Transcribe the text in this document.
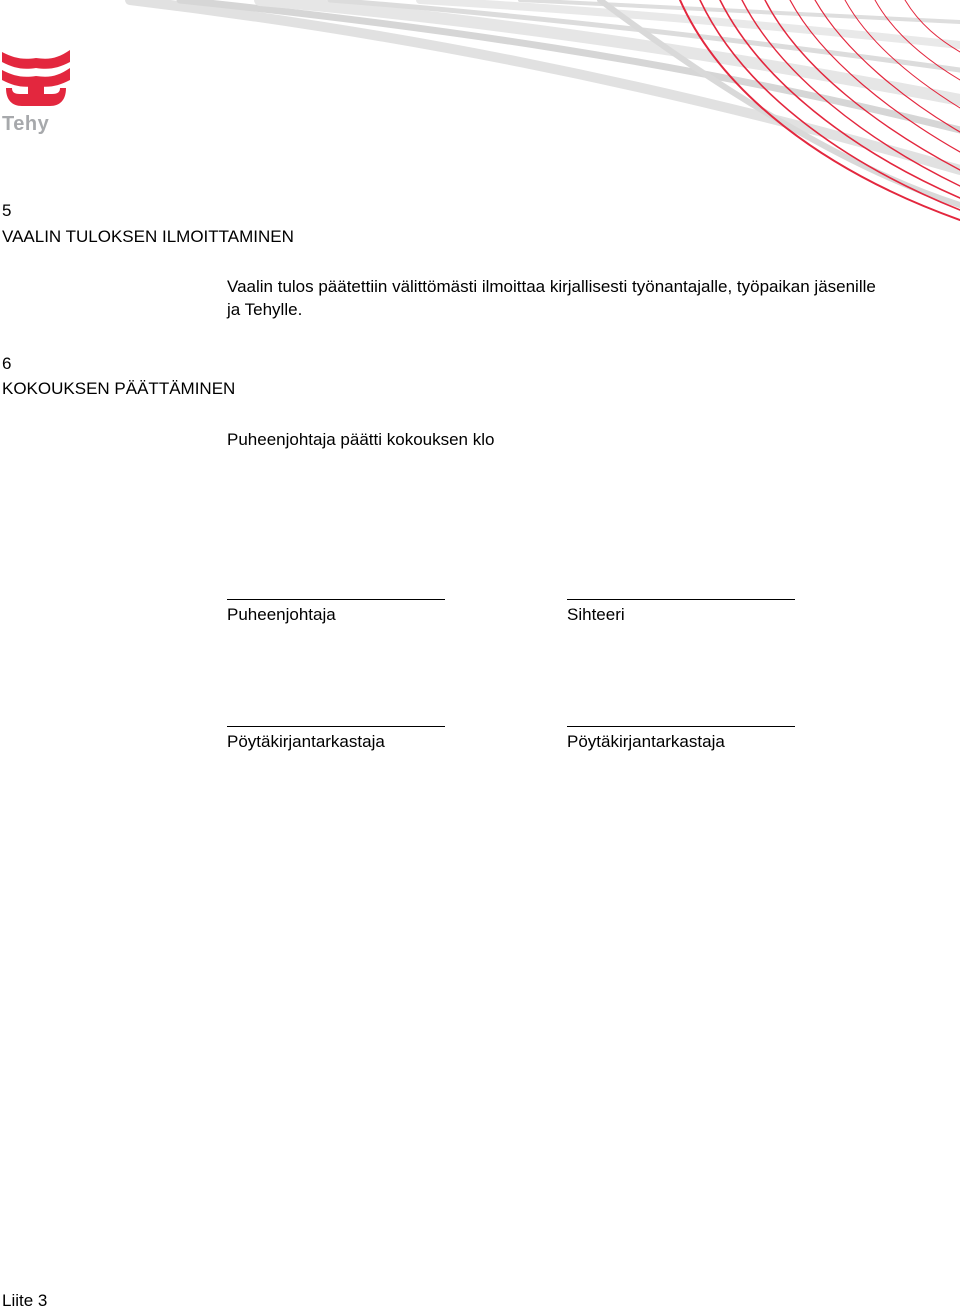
Tehy
5
VAALIN TULOKSEN ILMOITTAMINEN
Vaalin tulos päätettiin välittömästi ilmoittaa kirjallisesti työnantajalle, työpaikan jäsenille ja Tehylle.
6
KOKOUKSEN PÄÄTTÄMINEN
Puheenjohtaja päätti kokouksen klo
Puheenjohtaja	Sihteeri
Pöytäkirjantarkastaja	Pöytäkirjantarkastaja
Liite 3
